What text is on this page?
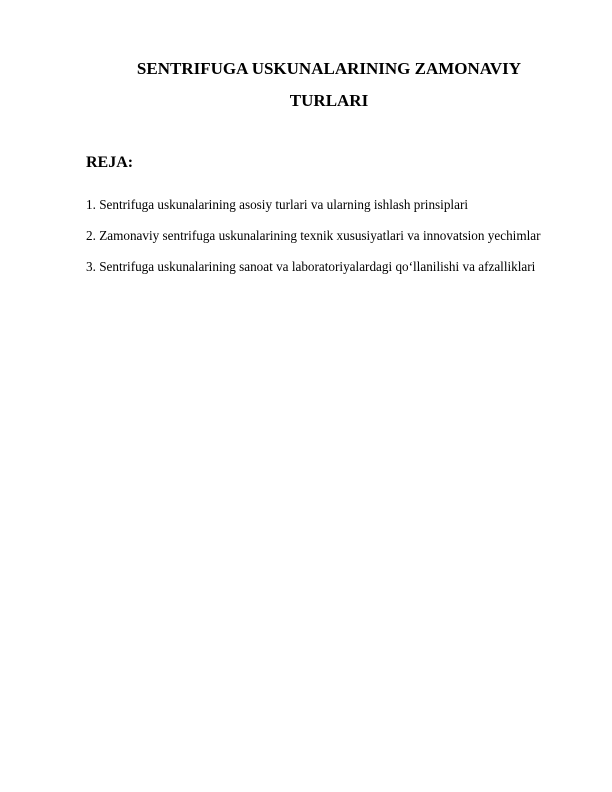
SENTRIFUGA USKUNALARINING ZAMONAVIY
TURLARI
REJA:
1. Sentrifuga uskunalarining asosiy turlari va ularning ishlash prinsiplari
2. Zamonaviy sentrifuga uskunalarining texnik xususiyatlari va innovatsion yechimlar
3. Sentrifuga uskunalarining sanoat va laboratoriyalardagi qo‘llanilishi va afzalliklari
